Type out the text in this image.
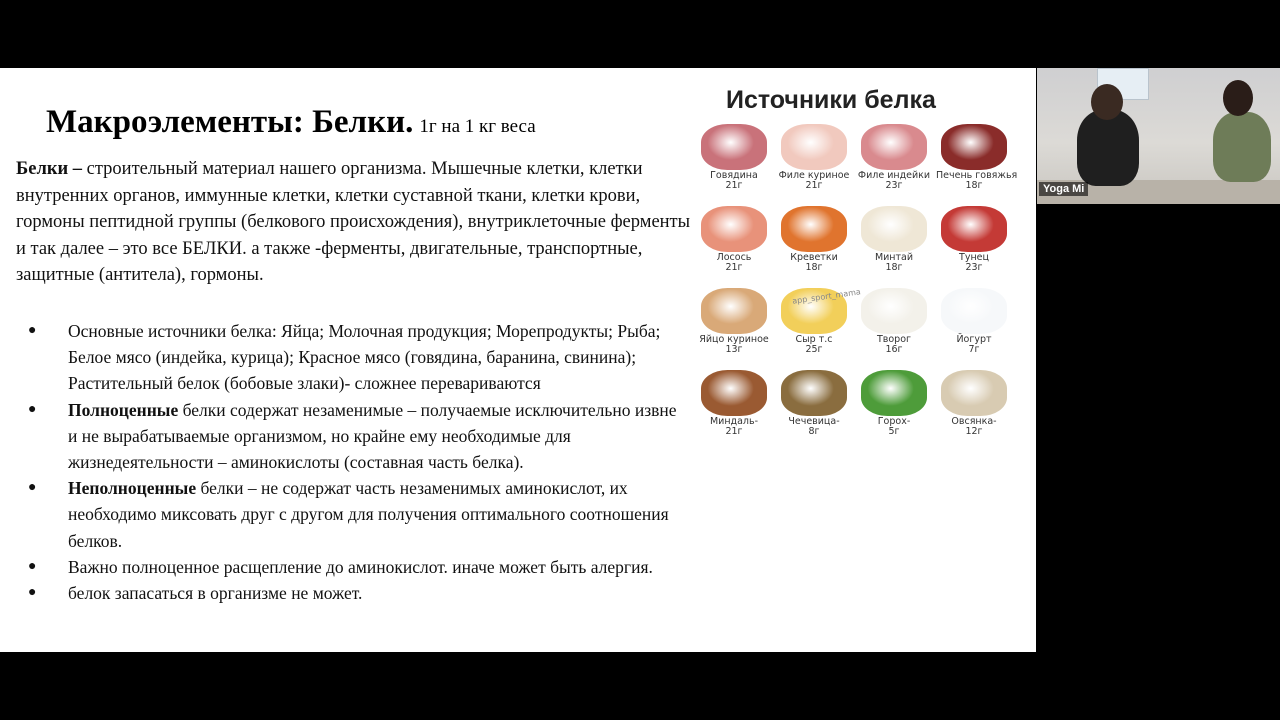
Макроэлементы: Белки. 1г на 1 кг веса
Белки – строительный материал нашего организма. Мышечные клетки, клетки внутренних органов, иммунные клетки, клетки суставной ткани, клетки крови, гормоны пептидной группы (белкового происхождения), внутриклеточные ферменты и так далее – это все БЕЛКИ. а также -ферменты, двигательные, транспортные, защитные (антитела), гормоны.
● Основные источники белка: Яйца; Молочная продукция; Морепродукты; Рыба; Белое мясо (индейка, курица); Красное мясо (говядина, баранина, свинина); Растительный белок (бобовые злаки)- сложнее перевариваются
● Полноценные белки содержат незаменимые – получаемые исключительно извне и не вырабатываемые организмом, но крайне ему необходимые для жизнедеятельности – аминокислоты (составная часть белка).
● Неполноценные белки – не содержат часть незаменимых аминокислот, их необходимо миксовать друг с другом для получения оптимального соотношения белков.
● Важно полноценное расщепление до аминокислот. иначе может быть алергия.
● белок запасаться в организме не может.
Источники белка
Говядина
21г
Филе куриное
21г
Филе индейки
23г
Печень говяжья
18г
Лосось
21г
Креветки
18г
Минтай
18г
Тунец
23г
Яйцо куриное
13г
Сыр т.с
25г
Творог
16г
Йогурт
7г
Миндаль-
21г
Чечевица-
8г
Горох-
5г
Овсянка-
12г
app_sport_mama
Yoga Mi
